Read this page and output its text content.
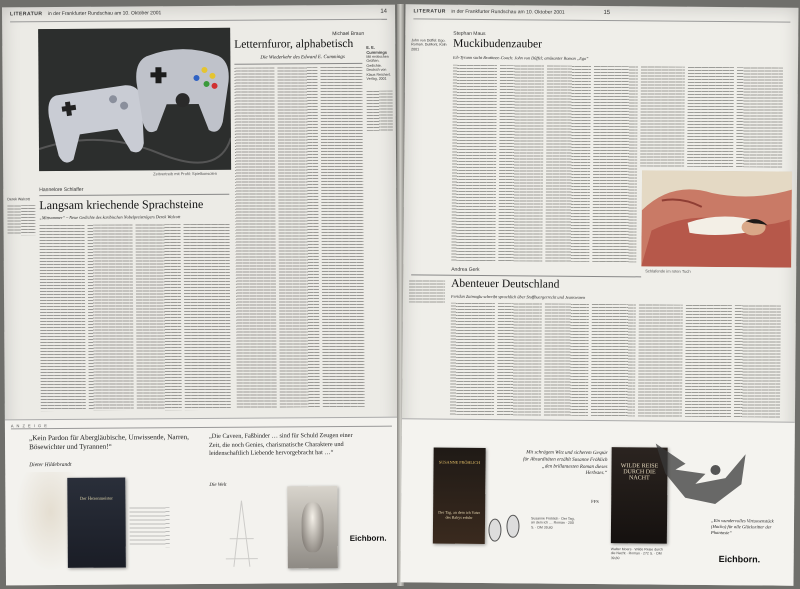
LITERATUR in der Frankfurter Rundschau am 10. Oktober 2001	14
Zeitvertreib mit Profil: Spielkonsolen
Michael Braun
Letternfuror, alphabetisch
Die Wiederkehr des Edward E. Cummings
E. E. Cummings
Mit erotischen Grüßen. Gedichte. Deutsch von Klaus Reichert. Verlag, 2001
Hannelore Schlaffer
Langsam kriechende Sprachsteine
„Mittsommer“ – Neue Gedichte des karibischen Nobelpreisträgers Derek Walcott
Derek Walcott
A N Z E I G E
„Kein Pardon für Abergläubische, Unwissende, Narren, Bösewichter und Tyrannen!“
Dieter Hildebrandt
Der Hexenmeister
„Die Caveen, Faßbinder … sind für Schuld Zeugen einer Zeit, die noch Genies, charismatische Charaktere und leidenschaftlich Liebende hervorgebracht hat …“
Die Welt
Eichborn.
LITERATUR in der Frankfurter Rundschau am 10. Oktober 2001	15
John von Düffel: Ego. Roman. DuMont, Köln 2001
Stephan Maus
Muckibudenzauber
Ich-Tyrann sucht Bratitnee-Coach: John von Düffel; amüsanter Roman „Ego“
Schlafende im roten Tuch
Andrea Gerk
Abenteuer Deutschland
Feridun Zaimoglu schreibt sprachlich über Stoffbuergerrecht und Jeanswaren
SUSANNE FRÖHLICH
Der Tag, an dem ich Vater des Babys erfuhr
Mit schrägem Witz und sicherem Gespür für Absurditäten erzählt Susanne Fröhlich „den brillantesten Roman dieses Herbstes.“
FFS
Susanne Fröhlich · Der Tag, an dem ich … Roman · 200 S. · DM 39,80
WILDE REISE DURCH DIE NACHT
Walter Moers · Wilde Reise durch die Nacht · Roman · 272 S. · DM 39,80
„Ein wundervolles Virtuosenstück (Hacho) für alle Glücksritter der Phantasie“
Eichborn.
